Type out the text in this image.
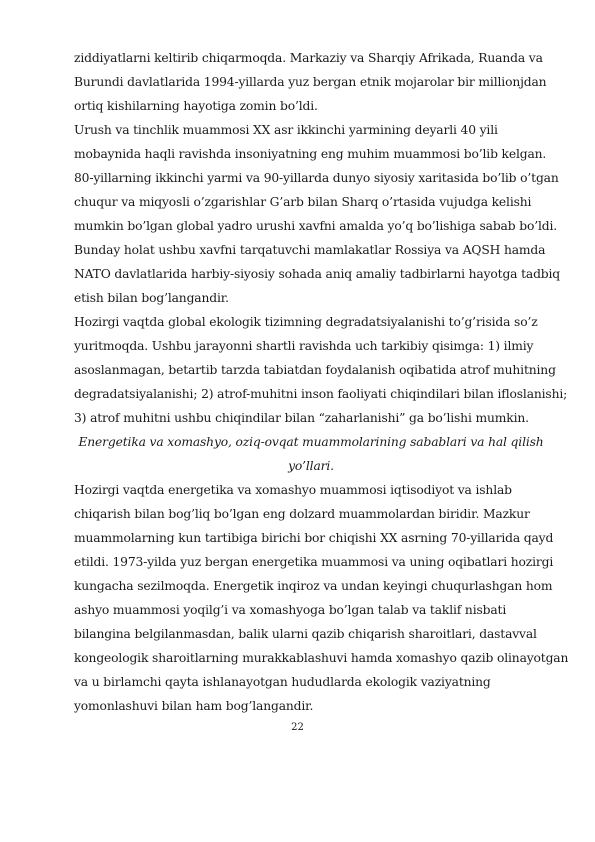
ziddiyatlarni keltirib chiqarmoqda. Markaziy va Sharqiy Afrikada, Ruanda va
Burundi davlatlarida 1994-yillarda yuz bergan etnik mojarolar bir millionjdan
ortiq kishilarning hayotiga zomin bo’ldi.
Urush va tinchlik muammosi XX asr ikkinchi yarmining deyarli 40 yili
mobaynida haqli ravishda insoniyatning eng muhim muammosi bo’lib kelgan.
80-yillarning ikkinchi yarmi va 90-yillarda dunyo siyosiy xaritasida bo’lib o’tgan
chuqur va miqyosli o’zgarishlar G’arb bilan Sharq o’rtasida vujudga kelishi
mumkin bo’lgan global yadro urushi xavfni amalda yo’q bo’lishiga sabab bo’ldi.
Bunday holat ushbu xavfni tarqatuvchi mamlakatlar Rossiya va AQSH hamda
NATO davlatlarida harbiy-siyosiy sohada aniq amaliy tadbirlarni hayotga tadbiq
etish bilan bog’langandir.
Hozirgi vaqtda global ekologik tizimning degradatsiyalanishi to’g’risida so’z
yuritmoqda. Ushbu jarayonni shartli ravishda uch tarkibiy qisimga: 1) ilmiy
asoslanmagan, betartib tarzda tabiatdan foydalanish oqibatida atrof muhitning
degradatsiyalanishi; 2) atrof-muhitni inson faoliyati chiqindilari bilan ifloslanishi;
3) atrof muhitni ushbu chiqindilar bilan “zaharlanishi” ga bo’lishi mumkin.
Energetika va xomashyo, oziq-ovqat muammolarining sabablari va hal qilish
yo’llari.
Hozirgi vaqtda energetika va xomashyo muammosi iqtisodiyot va ishlab
chiqarish bilan bog’liq bo’lgan eng dolzard muammolardan biridir. Mazkur
muammolarning kun tartibiga birichi bor chiqishi XX asrning 70-yillarida qayd
etildi. 1973-yilda yuz bergan energetika muammosi va uning oqibatlari hozirgi
kungacha sezilmoqda. Energetik inqiroz va undan keyingi chuqurlashgan hom
ashyo muammosi yoqilg’i va xomashyoga bo’lgan talab va taklif nisbati
bilangina belgilanmasdan, balik ularni qazib chiqarish sharoitlari, dastavval
kongeologik sharoitlarning murakkablashuvi hamda xomashyo qazib olinayotgan
va u birlamchi qayta ishlanayotgan hududlarda ekologik vaziyatning
yomonlashuvi bilan ham bog’langandir.
22
